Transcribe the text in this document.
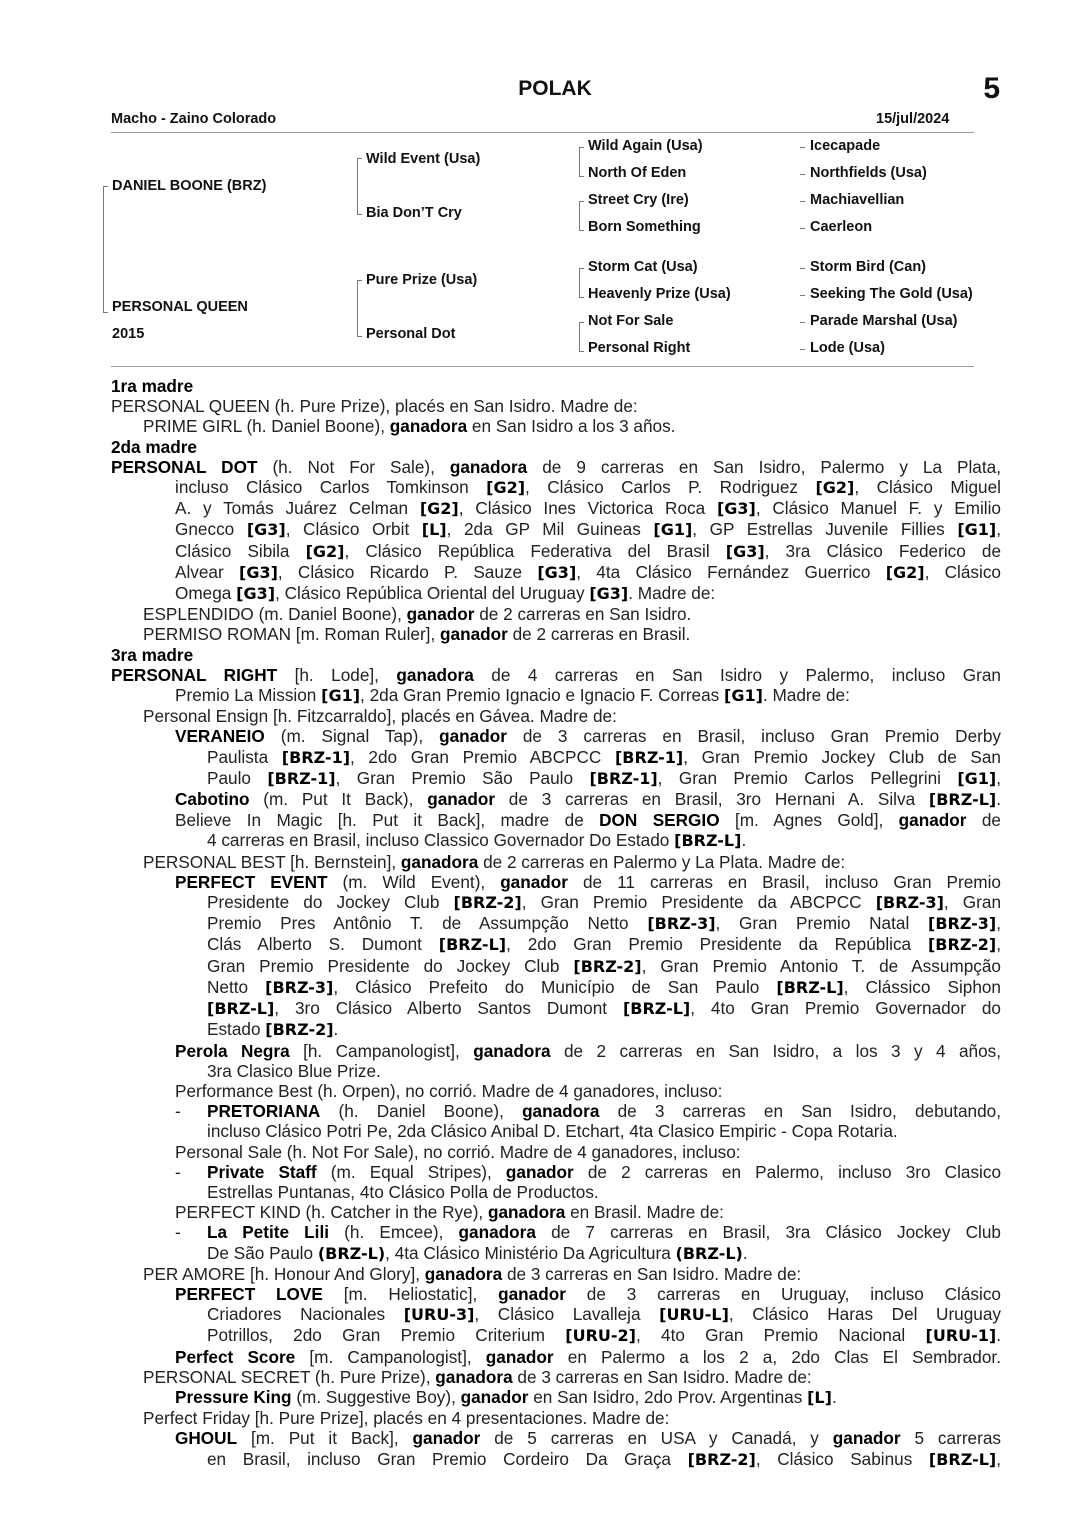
POLAK	5
Macho - Zaino Colorado	15/jul/2024
DANIEL BOONE (BRZ)
PERSONAL QUEEN
2015
Wild Event (Usa)
Bia Don’T Cry
Pure Prize (Usa)
Personal Dot
Wild Again (Usa)
North Of Eden
Street Cry (Ire)
Born Something
Storm Cat (Usa)
Heavenly Prize (Usa)
Not For Sale
Personal Right
Icecapade
Northfields (Usa)
Machiavellian
Caerleon
Storm Bird (Can)
Seeking The Gold (Usa)
Parade Marshal (Usa)
Lode (Usa)
1ra madre
PERSONAL QUEEN (h. Pure Prize), placés en San Isidro. Madre de:
PRIME GIRL (h. Daniel Boone), ganadora en San Isidro a los 3 años.
2da madre
PERSONAL DOT (h. Not For Sale), ganadora de 9 carreras en San Isidro, Palermo y La Plata,
incluso Clásico Carlos Tomkinson [G2], Clásico Carlos P. Rodriguez [G2], Clásico Miguel
A. y Tomás Juárez Celman [G2], Clásico Ines Victorica Roca [G3], Clásico Manuel F. y Emilio
Gnecco [G3], Clásico Orbit [L], 2da GP Mil Guineas [G1], GP Estrellas Juvenile Fillies [G1],
Clásico Sibila [G2], Clásico República Federativa del Brasil [G3], 3ra Clásico Federico de
Alvear [G3], Clásico Ricardo P. Sauze [G3], 4ta Clásico Fernández Guerrico [G2], Clásico
Omega [G3], Clásico República Oriental del Uruguay [G3]. Madre de:
ESPLENDIDO (m. Daniel Boone), ganador de 2 carreras en San Isidro.
PERMISO ROMAN [m. Roman Ruler], ganador de 2 carreras en Brasil.
3ra madre
PERSONAL RIGHT [h. Lode], ganadora de 4 carreras en San Isidro y Palermo, incluso Gran
Premio La Mission [G1], 2da Gran Premio Ignacio e Ignacio F. Correas [G1]. Madre de:
Personal Ensign [h. Fitzcarraldo], placés en Gávea. Madre de:
VERANEIO (m. Signal Tap), ganador de 3 carreras en Brasil, incluso Gran Premio Derby
Paulista [BRZ-1], 2do Gran Premio ABCPCC [BRZ-1], Gran Premio Jockey Club de San
Paulo [BRZ-1], Gran Premio São Paulo [BRZ-1], Gran Premio Carlos Pellegrini [G1],
Cabotino (m. Put It Back), ganador de 3 carreras en Brasil, 3ro Hernani A. Silva [BRZ-L].
Believe In Magic [h. Put it Back], madre de DON SERGIO [m. Agnes Gold], ganador de
4 carreras en Brasil, incluso Classico Governador Do Estado [BRZ-L].
PERSONAL BEST [h. Bernstein], ganadora de 2 carreras en Palermo y La Plata. Madre de:
PERFECT EVENT (m. Wild Event), ganador de 11 carreras en Brasil, incluso Gran Premio
Presidente do Jockey Club [BRZ-2], Gran Premio Presidente da ABCPCC [BRZ-3], Gran
Premio Pres Antônio T. de Assumpção Netto [BRZ-3], Gran Premio Natal [BRZ-3],
Clás Alberto S. Dumont [BRZ-L], 2do Gran Premio Presidente da República [BRZ-2],
Gran Premio Presidente do Jockey Club [BRZ-2], Gran Premio Antonio T. de Assumpção
Netto [BRZ-3], Clásico Prefeito do Município de San Paulo [BRZ-L], Clássico Siphon
[BRZ-L], 3ro Clásico Alberto Santos Dumont [BRZ-L], 4to Gran Premio Governador do
Estado [BRZ-2].
Perola Negra [h. Campanologist], ganadora de 2 carreras en San Isidro, a los 3 y 4 años,
3ra Clasico Blue Prize.
Performance Best (h. Orpen), no corrió. Madre de 4 ganadores, incluso:
- PRETORIANA (h. Daniel Boone), ganadora de 3 carreras en San Isidro, debutando,
incluso Clásico Potri Pe, 2da Clásico Anibal D. Etchart, 4ta Clasico Empiric - Copa Rotaria.
Personal Sale (h. Not For Sale), no corrió. Madre de 4 ganadores, incluso:
- Private Staff (m. Equal Stripes), ganador de 2 carreras en Palermo, incluso 3ro Clasico
Estrellas Puntanas, 4to Clásico Polla de Productos.
PERFECT KIND (h. Catcher in the Rye), ganadora en Brasil. Madre de:
- La Petite Lili (h. Emcee), ganadora de 7 carreras en Brasil, 3ra Clásico Jockey Club
De São Paulo (BRZ-L), 4ta Clásico Ministério Da Agricultura (BRZ-L).
PER AMORE [h. Honour And Glory], ganadora de 3 carreras en San Isidro. Madre de:
PERFECT LOVE [m. Heliostatic], ganador de 3 carreras en Uruguay, incluso Clásico
Criadores Nacionales [URU-3], Clásico Lavalleja [URU-L], Clásico Haras Del Uruguay
Potrillos, 2do Gran Premio Criterium [URU-2], 4to Gran Premio Nacional [URU-1].
Perfect Score [m. Campanologist], ganador en Palermo a los 2 a, 2do Clas El Sembrador.
PERSONAL SECRET (h. Pure Prize), ganadora de 3 carreras en San Isidro. Madre de:
Pressure King (m. Suggestive Boy), ganador en San Isidro, 2do Prov. Argentinas [L].
Perfect Friday [h. Pure Prize], placés en 4 presentaciones. Madre de:
GHOUL [m. Put it Back], ganador de 5 carreras en USA y Canadá, y ganador 5 carreras
en Brasil, incluso Gran Premio Cordeiro Da Graça [BRZ-2], Clásico Sabinus [BRZ-L],
